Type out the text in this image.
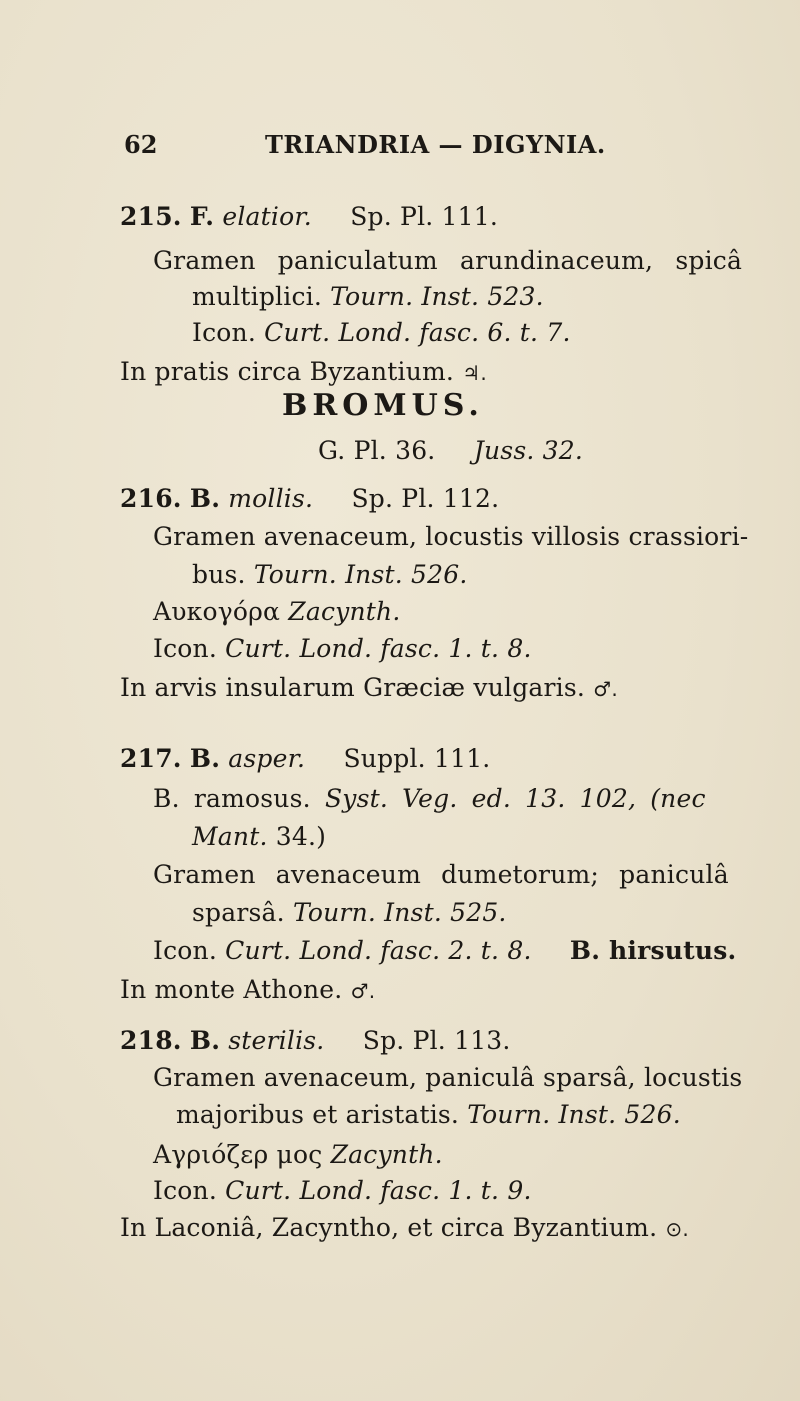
62	TRIANDRIA — DIGYNIA.
215. F. elatior. Sp. Pl. 111.
Gramen paniculatum arundinaceum, spicâ
multiplici. Tourn. Inst. 523.
Icon. Curt. Lond. fasc. 6. t. 7.
In pratis circa Byzantium. ♃.
BROMUS.
G. Pl. 36. Juss. 32.
216. B. mollis. Sp. Pl. 112.
Gramen avenaceum, locustis villosis crassiori-
bus. Tourn. Inst. 526.
Αυκογόρα Zacynth.
Icon. Curt. Lond. fasc. 1. t. 8.
In arvis insularum Græciæ vulgaris. ♂.
217. B. asper. Suppl. 111.
B. ramosus. Syst. Veg. ed. 13. 102, (nec
Mant. 34.)
Gramen avenaceum dumetorum; paniculâ
sparsâ. Tourn. Inst. 525.
Icon. Curt. Lond. fasc. 2. t. 8. B. hirsutus.
In monte Athone. ♂.
218. B. sterilis. Sp. Pl. 113.
Gramen avenaceum, paniculâ sparsâ, locustis
majoribus et aristatis. Tourn. Inst. 526.
Αγριόζερ μος Zacynth.
Icon. Curt. Lond. fasc. 1. t. 9.
In Laconiâ, Zacyntho, et circa Byzantium. ⊙.
